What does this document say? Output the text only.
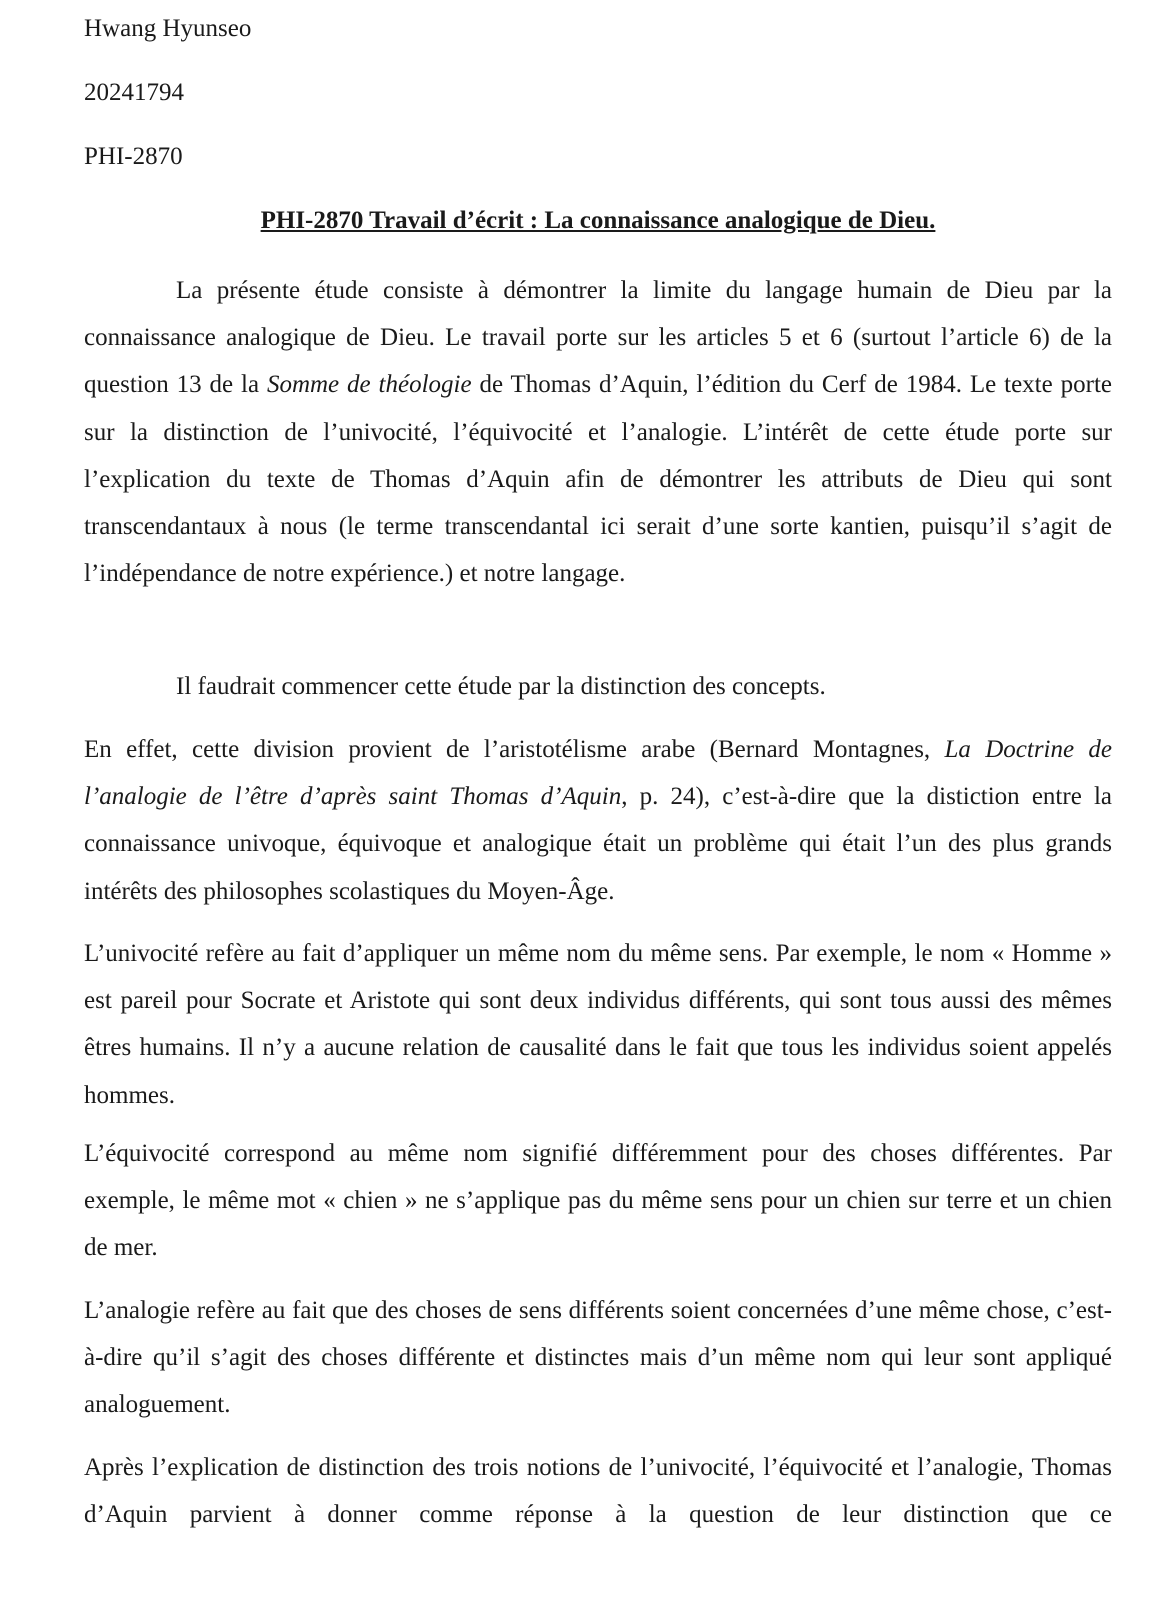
Hwang Hyunseo
20241794
PHI-2870
PHI-2870 Travail d’écrit : La connaissance analogique de Dieu.

La présente étude consiste à démontrer la limite du langage humain de Dieu par la connaissance analogique de Dieu. Le travail porte sur les articles 5 et 6 (surtout l’article 6) de la question 13 de la Somme de théologie de Thomas d’Aquin, l’édition du Cerf de 1984. Le texte porte sur la distinction de l’univocité, l’équivocité et l’analogie. L’intérêt de cette étude porte sur l’explication du texte de Thomas d’Aquin afin de démontrer les attributs de Dieu qui sont transcendantaux à nous (le terme transcendantal ici serait d’une sorte kantien, puisqu’il s’agit de l’indépendance de notre expérience.) et notre langage.

Il faudrait commencer cette étude par la distinction des concepts.

En effet, cette division provient de l’aristotélisme arabe (Bernard Montagnes, La Doctrine de l’analogie de l’être d’après saint Thomas d’Aquin, p. 24), c’est-à-dire que la distiction entre la connaissance univoque, équivoque et analogique était un problème qui était l’un des plus grands intérêts des philosophes scolastiques du Moyen-Âge.

L’univocité refère au fait d’appliquer un même nom du même sens. Par exemple, le nom « Homme » est pareil pour Socrate et Aristote qui sont deux individus différents, qui sont tous aussi des mêmes êtres humains. Il n’y a aucune relation de causalité dans le fait que tous les individus soient appelés hommes.

L’équivocité correspond au même nom signifié différemment pour des choses différentes. Par exemple, le même mot « chien » ne s’applique pas du même sens pour un chien sur terre et un chien de mer.

L’analogie refère au fait que des choses de sens différents soient concernées d’une même chose, c’est-à-dire qu’il s’agit des choses différente et distinctes mais d’un même nom qui leur sont appliqué analoguement.

Après l’explication de distinction des trois notions de l’univocité, l’équivocité et l’analogie, Thomas d’Aquin parvient à donner comme réponse à la question de leur distinction que ce
